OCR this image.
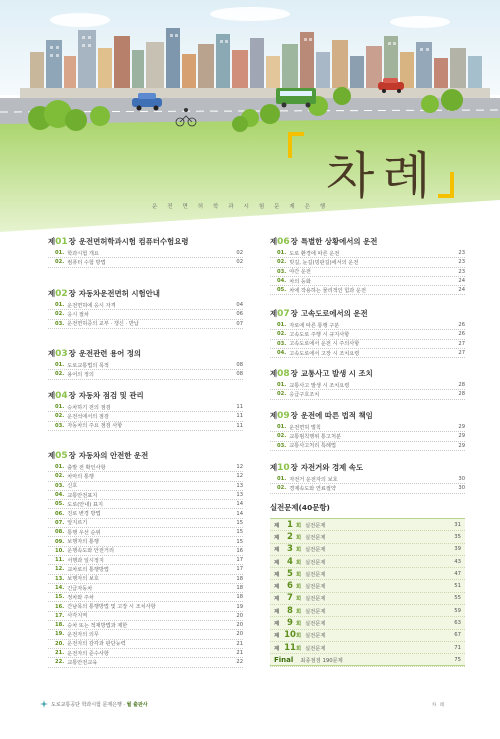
차례
운 전 면 허 학 과 시 험 문 제 은 행
제01장 운전면허학과시험 컴퓨터수험요령
01. 학과시험 개요	02
02. 컴퓨터 수험 방법	02
제02장 자동차운전면허 시험안내
01. 운전면허에 응시 자격	04
02. 응시 절차	06
03. 운전면허증의 교부 · 갱신 · 반납	07
제03장 운전관련 용어 정의
01. 도로교통법의 목적	08
02. 용어의 정의	08
제04장 자동차 점검 및 관리
01. 승차하기 전의 점검	11
02. 운전석에서의 점검	11
03. 자동차의 주요 점검 사항	11
제05장 자동차의 안전한 운전
01. 출발 전 확인사항	12
02. 차마의 통행	12
03. 신호	13
04. 교통안전표지	13
05. 도로(안내) 표지	14
06. 진로 변경 방법	14
07. 앞지르기	15
08. 통행 우선 순위	15
09. 보행자의 통행	15
10. 운행속도와 안전거리	16
11. 서행과 일시정지	17
12. 교차로의 통행방법	17
13. 보행자의 보호	18
14. 긴급자동차	18
15. 정차와 주차	18
16. 간남목의 통행방법 및 고장 시 조치사항	19
17. 사각지역	20
18. 승차 또는 적재방법과 제한	20
19. 운전자의 의무	20
20. 운전자의 감각과 판단능력	21
21. 운전자의 준수사항	21
22. 교통안전교육	22
제06장 특별한 상황에서의 운전
01. 도로 환경에 따른 운전	23
02. 빗길, 눈길(빙판길)에서의 운전	23
03. 야간 운전	23
04. 차의 등화	24
05. 차에 작용하는 물리적인 힘과 운전	24
제07장 고속도로에서의 운전
01. 자로에 따른 통행 구분	26
02. 고속도로 주행 시 규지사항	26
03. 고속도로에서 운전 시 주의사항	27
04. 고속도로에서 고장 시 조치요령	27
제08장 교통사고 발생 시 조치
01. 교통사고 발생 시 조치요령	28
02. 응급구호조치	28
제09장 운전에 따른 법적 책임
01. 운전면허 벌칙	29
02. 교통범칙행위 통고처분	29
03. 교통사고처리 특례법	29
제10장 자전거와 경제 속도
01. 자전거 운전자의 보호	30
02. 경제속도와 연료절약	30
실전문제(40문항)
제 1 회 실전문제	31
제 2 회 실전문제	35
제 3 회 실전문제	39
제 4 회 실전문제	43
제 5 회 실전문제	47
제 6 회 실전문제	51
제 7 회 실전문제	55
제 8 회 실전문제	59
제 9 회 실전문제	63
제 10 회 실전문제	67
제 11 회 실전문제	71
Final 최종점검 190문제	75
도로교통공단 학과시험 문제은행 ·
월 출판사	차 례
